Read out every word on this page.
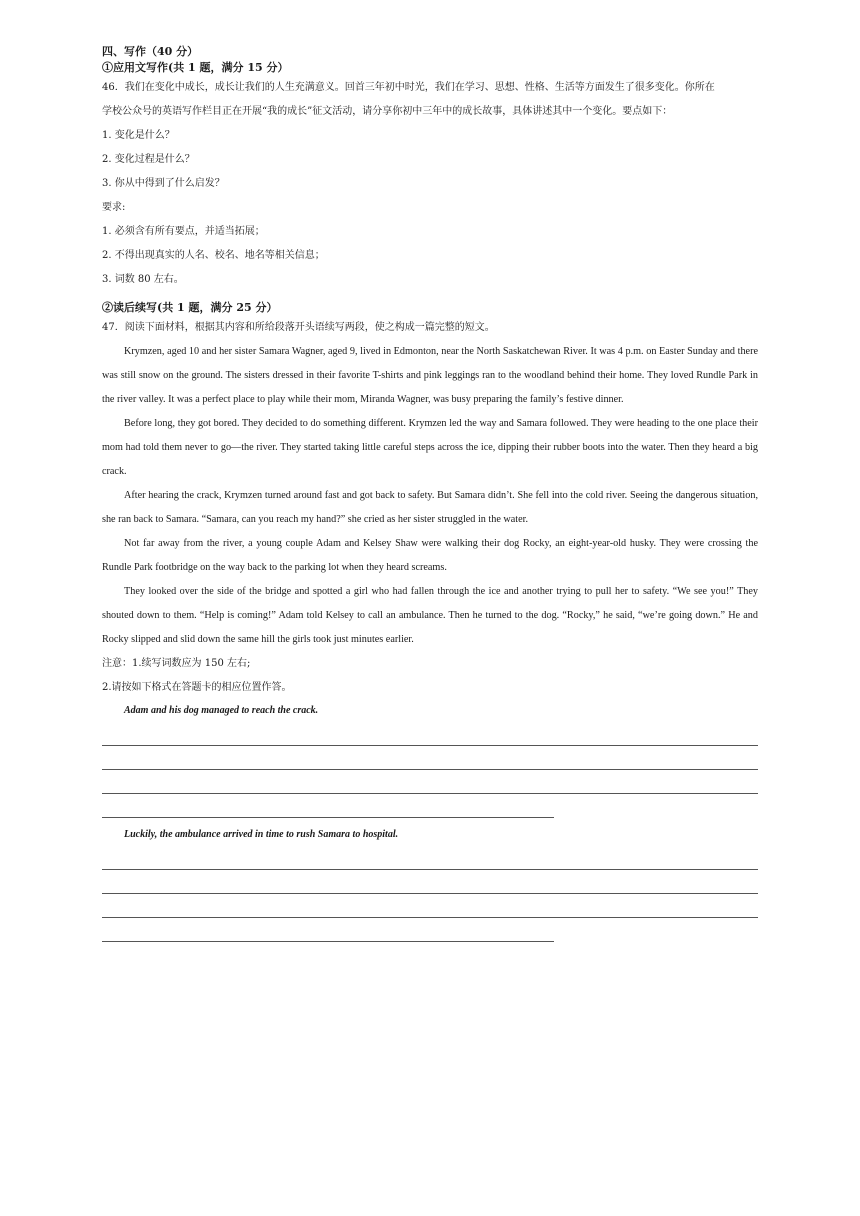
四、写作（40 分）

①应用文写作(共 1 题，满分 15 分）

46．我们在变化中成长，成长让我们的人生充满意义。回首三年初中时光，我们在学习、思想、性格、生活等方面发生了很多变化。你所在

学校公众号的英语写作栏目正在开展“我的成长”征文活动，请分享你初中三年中的成长故事，具体讲述其中一个变化。要点如下：

1. 变化是什么？

2. 变化过程是什么？

3. 你从中得到了什么启发？

要求:

1. 必须含有所有要点，并适当拓展；

2. 不得出现真实的人名、校名、地名等相关信息；

3. 词数 80 左右。

②读后续写(共 1 题，满分 25 分）

47．阅读下面材料，根据其内容和所给段落开头语续写两段，使之构成一篇完整的短文。

Krymzen, aged 10 and her sister Samara Wagner, aged 9, lived in Edmonton, near the North Saskatchewan River. It was 4 p.m. on Easter Sunday and there was still snow on the ground. The sisters dressed in their favorite T-shirts and pink leggings ran to the woodland behind their home. They loved Rundle Park in the river valley. It was a perfect place to play while their mom, Miranda Wagner, was busy preparing the family’s festive dinner.

Before long, they got bored. They decided to do something different. Krymzen led the way and Samara followed. They were heading to the one place their mom had told them never to go—the river. They started taking little careful steps across the ice, dipping their rubber boots into the water. Then they heard a big crack.

After hearing the crack, Krymzen turned around fast and got back to safety. But Samara didn’t. She fell into the cold river. Seeing the dangerous situation, she ran back to Samara. “Samara, can you reach my hand?” she cried as her sister struggled in the water.

Not far away from the river, a young couple Adam and Kelsey Shaw were walking their dog Rocky, an eight-year-old husky. They were crossing the Rundle Park footbridge on the way back to the parking lot when they heard screams.

They looked over the side of the bridge and spotted a girl who had fallen through the ice and another trying to pull her to safety. “We see you!” They shouted down to them. “Help is coming!” Adam told Kelsey to call an ambulance. Then he turned to the dog. “Rocky,” he said, “we’re going down.” He and Rocky slipped and slid down the same hill the girls took just minutes earlier.

注意：1.续写词数应为 150 左右;

2.请按如下格式在答题卡的相应位置作答。

Adam and his dog managed to reach the crack.

Luckily, the ambulance arrived in time to rush Samara to hospital.
